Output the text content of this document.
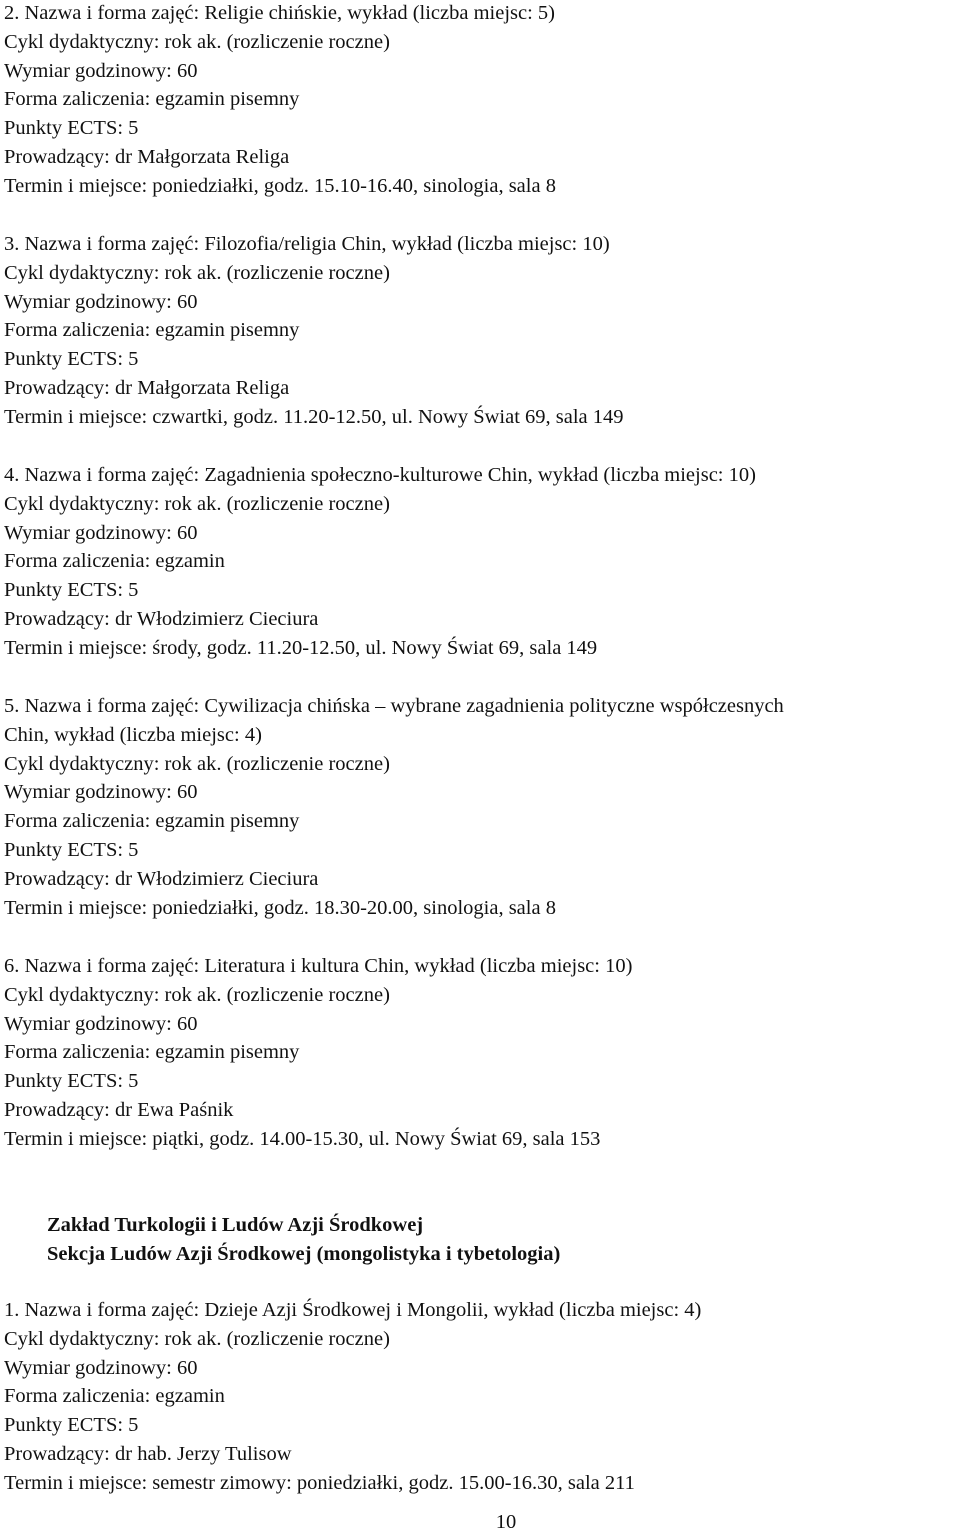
2. Nazwa i forma zajęć: Religie chińskie, wykład (liczba miejsc: 5)
Cykl dydaktyczny: rok ak. (rozliczenie roczne)
Wymiar godzinowy: 60
Forma zaliczenia: egzamin pisemny
Punkty ECTS: 5
Prowadzący: dr Małgorzata Religa
Termin i miejsce: poniedziałki, godz. 15.10-16.40, sinologia, sala 8
3. Nazwa i forma zajęć: Filozofia/religia Chin, wykład (liczba miejsc: 10)
Cykl dydaktyczny: rok ak. (rozliczenie roczne)
Wymiar godzinowy: 60
Forma zaliczenia: egzamin pisemny
Punkty ECTS: 5
Prowadzący: dr Małgorzata Religa
Termin i miejsce: czwartki, godz. 11.20-12.50, ul. Nowy Świat 69, sala 149
4. Nazwa i forma zajęć: Zagadnienia społeczno-kulturowe Chin, wykład (liczba miejsc: 10)
Cykl dydaktyczny: rok ak. (rozliczenie roczne)
Wymiar godzinowy: 60
Forma zaliczenia: egzamin
Punkty ECTS: 5
Prowadzący: dr Włodzimierz Cieciura
Termin i miejsce: środy, godz. 11.20-12.50, ul. Nowy Świat 69, sala 149
5. Nazwa i forma zajęć: Cywilizacja chińska – wybrane zagadnienia polityczne współczesnych
Chin, wykład (liczba miejsc: 4)
Cykl dydaktyczny: rok ak. (rozliczenie roczne)
Wymiar godzinowy: 60
Forma zaliczenia: egzamin pisemny
Punkty ECTS: 5
Prowadzący: dr Włodzimierz Cieciura
Termin i miejsce: poniedziałki, godz. 18.30-20.00, sinologia, sala 8
6. Nazwa i forma zajęć: Literatura i kultura Chin, wykład (liczba miejsc: 10)
Cykl dydaktyczny: rok ak. (rozliczenie roczne)
Wymiar godzinowy: 60
Forma zaliczenia: egzamin pisemny
Punkty ECTS: 5
Prowadzący: dr Ewa Paśnik
Termin i miejsce: piątki, godz. 14.00-15.30, ul. Nowy Świat 69, sala 153
Zakład Turkologii i Ludów Azji Środkowej
Sekcja Ludów Azji Środkowej (mongolistyka i tybetologia)
1. Nazwa i forma zajęć: Dzieje Azji Środkowej i Mongolii, wykład (liczba miejsc: 4)
Cykl dydaktyczny: rok ak. (rozliczenie roczne)
Wymiar godzinowy: 60
Forma zaliczenia: egzamin
Punkty ECTS: 5
Prowadzący: dr hab. Jerzy Tulisow
Termin i miejsce: semestr zimowy: poniedziałki, godz. 15.00-16.30, sala 211
10
